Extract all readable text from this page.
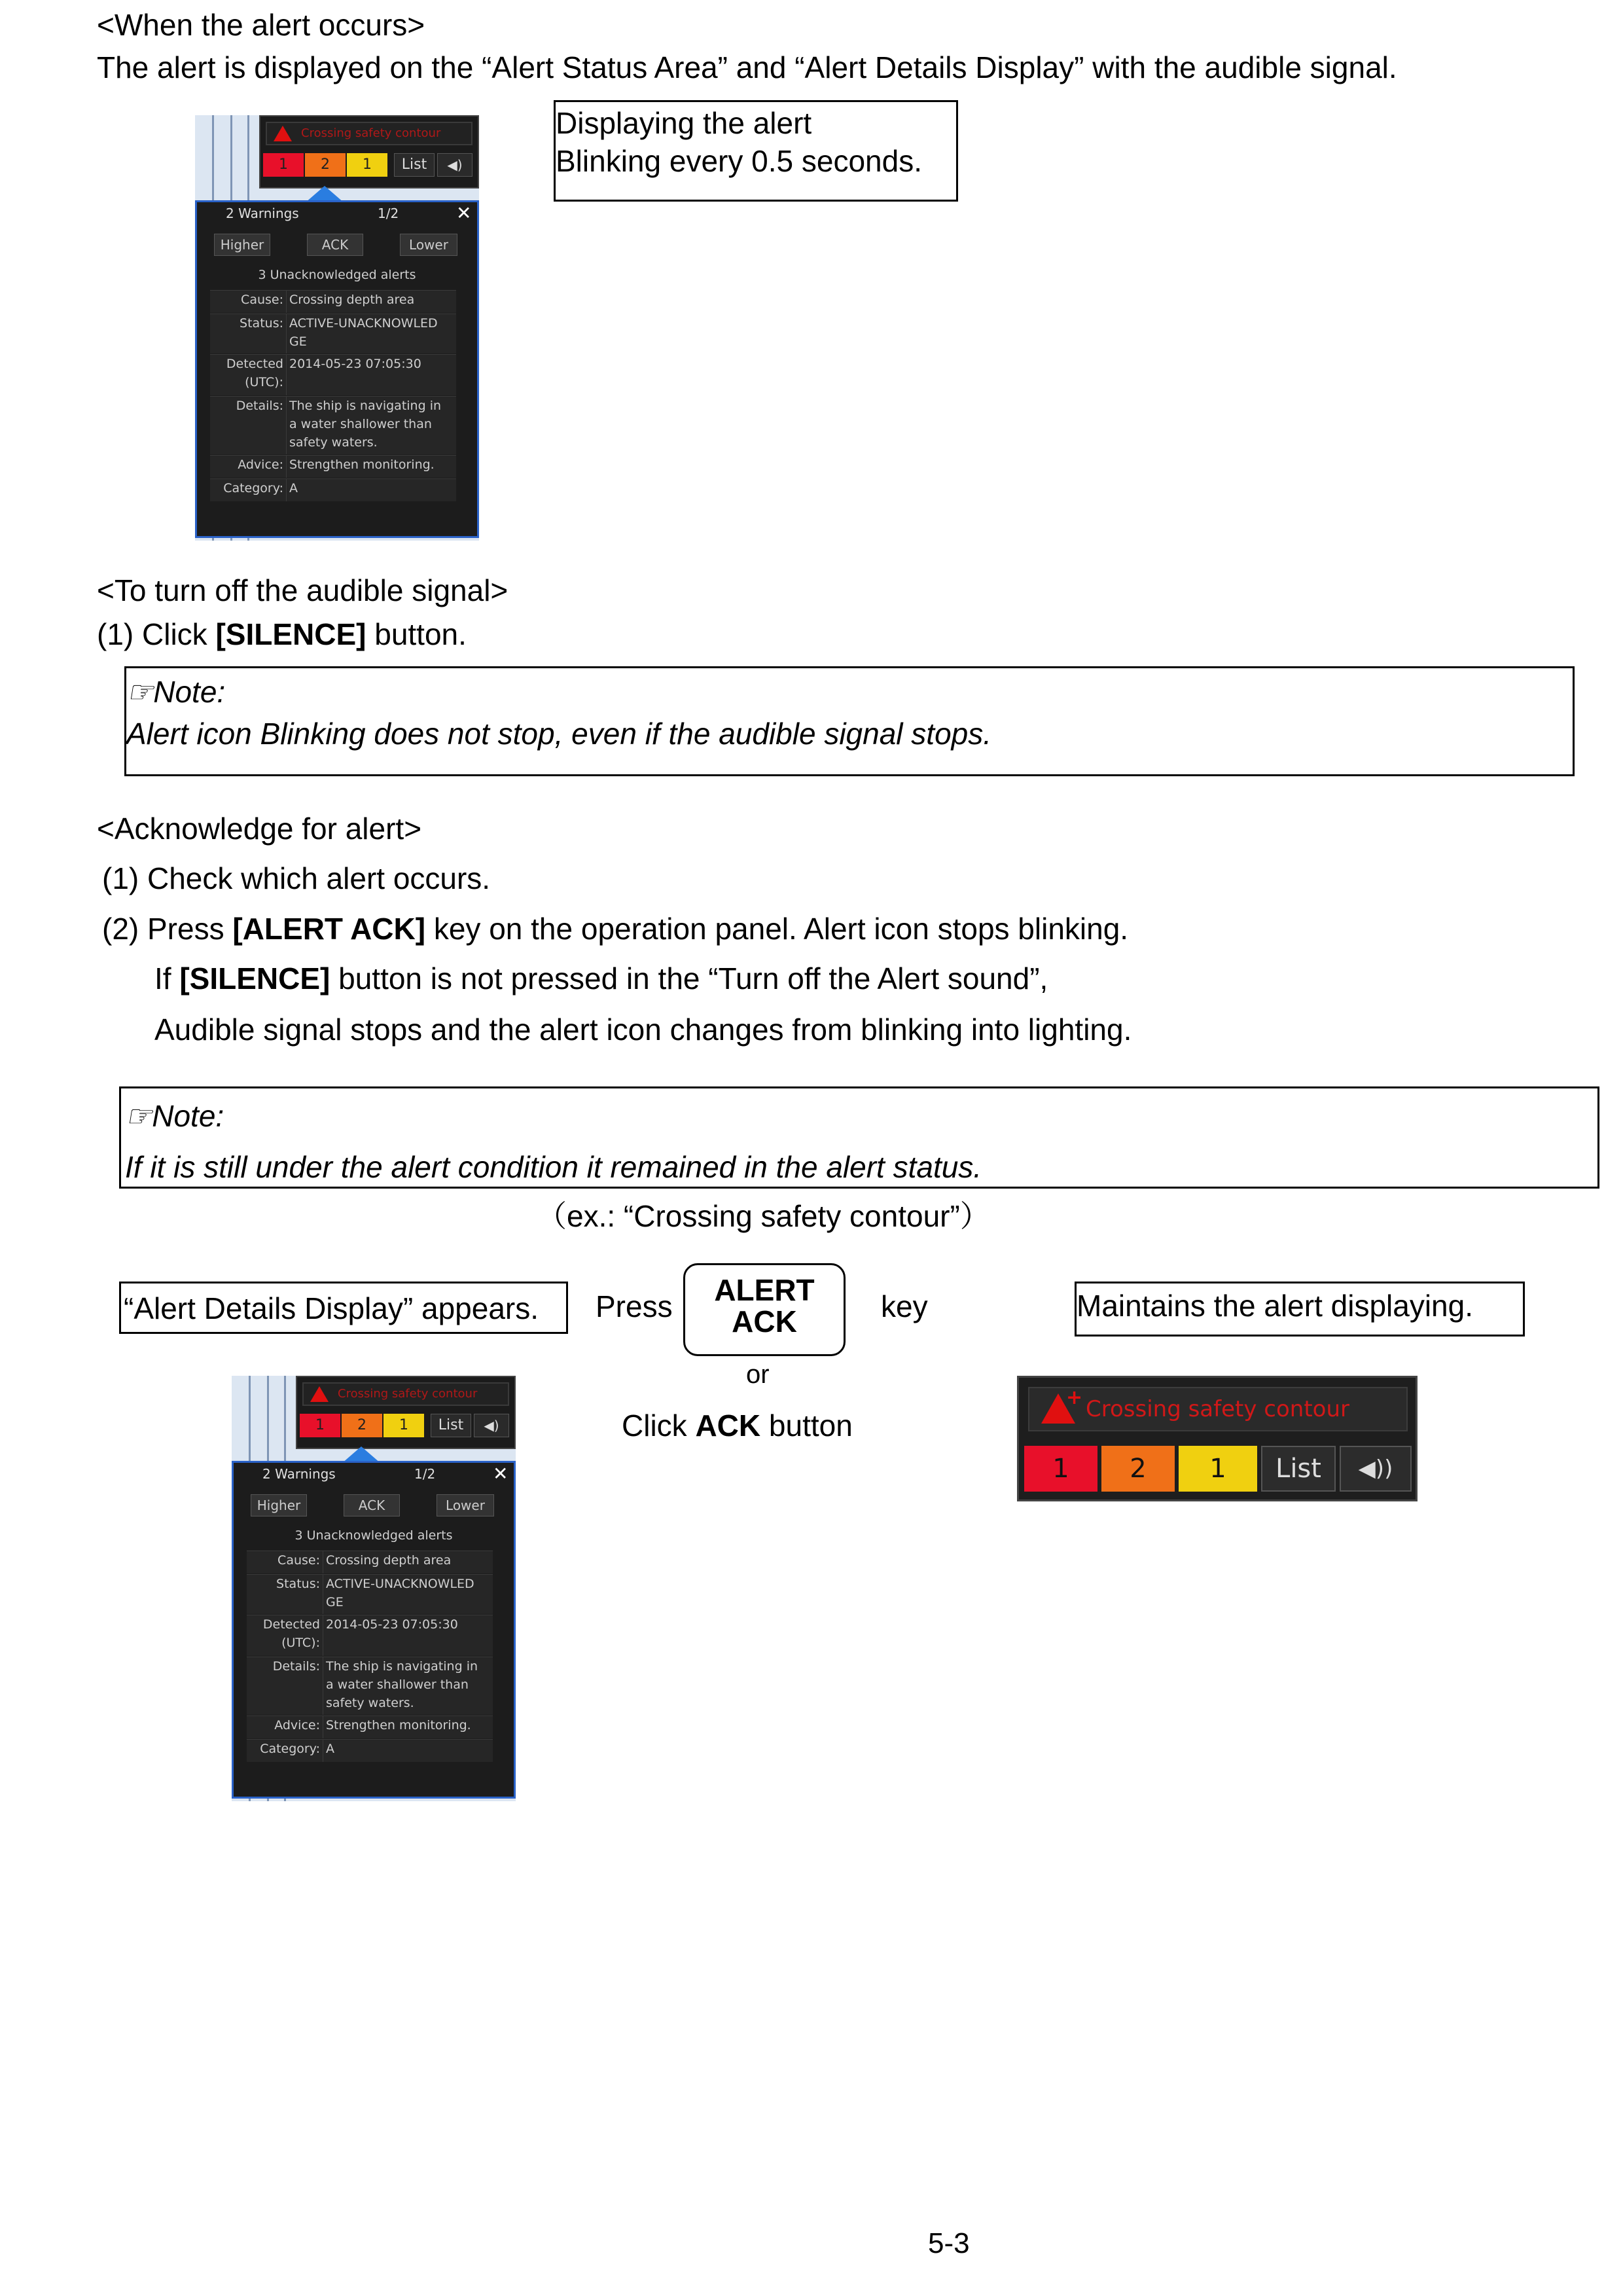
<When the alert occurs>
The alert is displayed on the “Alert Status Area” and “Alert Details Display” with the audible signal.
Displaying the alert
Blinking every 0.5 seconds.
Crossing safety contour
1	2	1	List	◀)
2 Warnings	1/2	✕
Higher	ACK	Lower
3 Unacknowledged alerts
Cause: Crossing depth area
Status: ACTIVE-UNACKNOWLED
GE
Detected
(UTC):
2014-05-23 07:05:30
Details: The ship is navigating in
a water shallower than
safety waters.
Advice: Strengthen monitoring.
Category: A
<To turn off the audible signal>
(1) Click [SILENCE] button.
☞Note:
Alert icon Blinking does not stop, even if the audible signal stops.
<Acknowledge for alert>
(1) Check which alert occurs.
(2) Press [ALERT ACK] key on the operation panel. Alert icon stops blinking.
If [SILENCE] button is not pressed in the “Turn off the Alert sound”,
Audible signal stops and the alert icon changes from blinking into lighting.
☞Note:
If it is still under the alert condition it remained in the alert status.
（ex.: “Crossing safety contour”）
“Alert Details Display” appears. Press	ALERT
ACK	key
or
Click ACK button
Maintains the alert displaying.
Crossing safety contour
1	2	1	List	◀)
2 Warnings	1/2	✕
Higher	ACK	Lower
3 Unacknowledged alerts
Cause: Crossing depth area
Status: ACTIVE-UNACKNOWLED
GE
Detected
(UTC):
2014-05-23 07:05:30
Details: The ship is navigating in
a water shallower than
safety waters.
Advice: Strengthen monitoring.
Category: A
+ Crossing safety contour
1	2	1	List	◀))
5-3
